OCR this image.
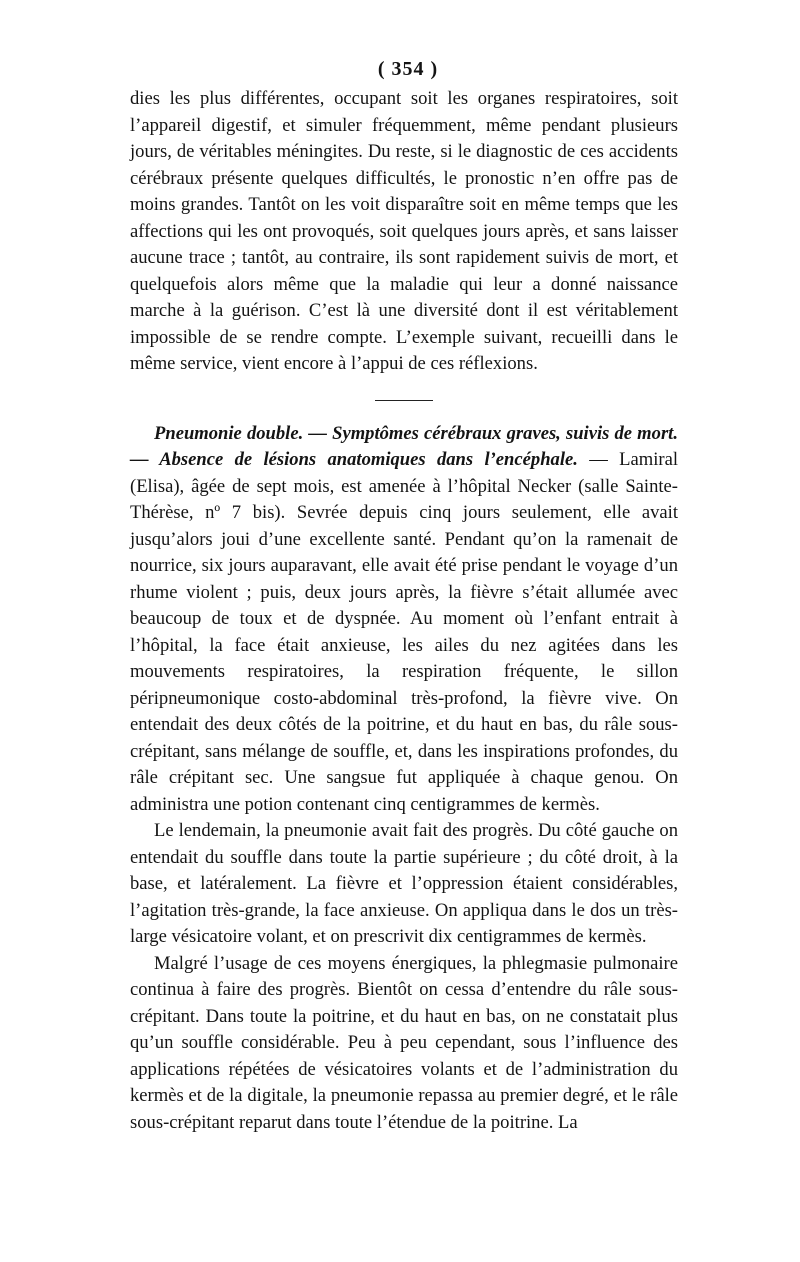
( 354 )

dies les plus différentes, occupant soit les organes respiratoires, soit l’appareil digestif, et simuler fréquemment, même pendant plusieurs jours, de véritables méningites. Du reste, si le diagnostic de ces accidents cérébraux présente quelques difficultés, le pronostic n’en offre pas de moins grandes. Tantôt on les voit disparaître soit en même temps que les affections qui les ont provoqués, soit quelques jours après, et sans laisser aucune trace ; tantôt, au contraire, ils sont rapidement suivis de mort, et quelquefois alors même que la maladie qui leur a donné naissance marche à la guérison. C’est là une diversité dont il est véritablement impossible de se rendre compte. L’exemple suivant, recueilli dans le même service, vient encore à l’appui de ces réflexions.

Pneumonie double. — Symptômes cérébraux graves, suivis de mort. — Absence de lésions anatomiques dans l’encéphale. — Lamiral (Elisa), âgée de sept mois, est amenée à l’hôpital Necker (salle Sainte-Thérèse, nº 7 bis). Sevrée depuis cinq jours seulement, elle avait jusqu’alors joui d’une excellente santé. Pendant qu’on la ramenait de nourrice, six jours auparavant, elle avait été prise pendant le voyage d’un rhume violent ; puis, deux jours après, la fièvre s’était allumée avec beaucoup de toux et de dyspnée. Au moment où l’enfant entrait à l’hôpital, la face était anxieuse, les ailes du nez agitées dans les mouvements respiratoires, la respiration fréquente, le sillon péripneumonique costo-abdominal très-profond, la fièvre vive. On entendait des deux côtés de la poitrine, et du haut en bas, du râle sous-crépitant, sans mélange de souffle, et, dans les inspirations profondes, du râle crépitant sec. Une sangsue fut appliquée à chaque genou. On administra une potion contenant cinq centigrammes de kermès.

Le lendemain, la pneumonie avait fait des progrès. Du côté gauche on entendait du souffle dans toute la partie supérieure ; du côté droit, à la base, et latéralement. La fièvre et l’oppression étaient considérables, l’agitation très-grande, la face anxieuse. On appliqua dans le dos un très-large vésicatoire volant, et on prescrivit dix centigrammes de kermès.

Malgré l’usage de ces moyens énergiques, la phlegmasie pulmonaire continua à faire des progrès. Bientôt on cessa d’entendre du râle sous-crépitant. Dans toute la poitrine, et du haut en bas, on ne constatait plus qu’un souffle considérable. Peu à peu cependant, sous l’influence des applications répétées de vésicatoires volants et de l’administration du kermès et de la digitale, la pneumonie repassa au premier degré, et le râle sous-crépitant reparut dans toute l’étendue de la poitrine. La
